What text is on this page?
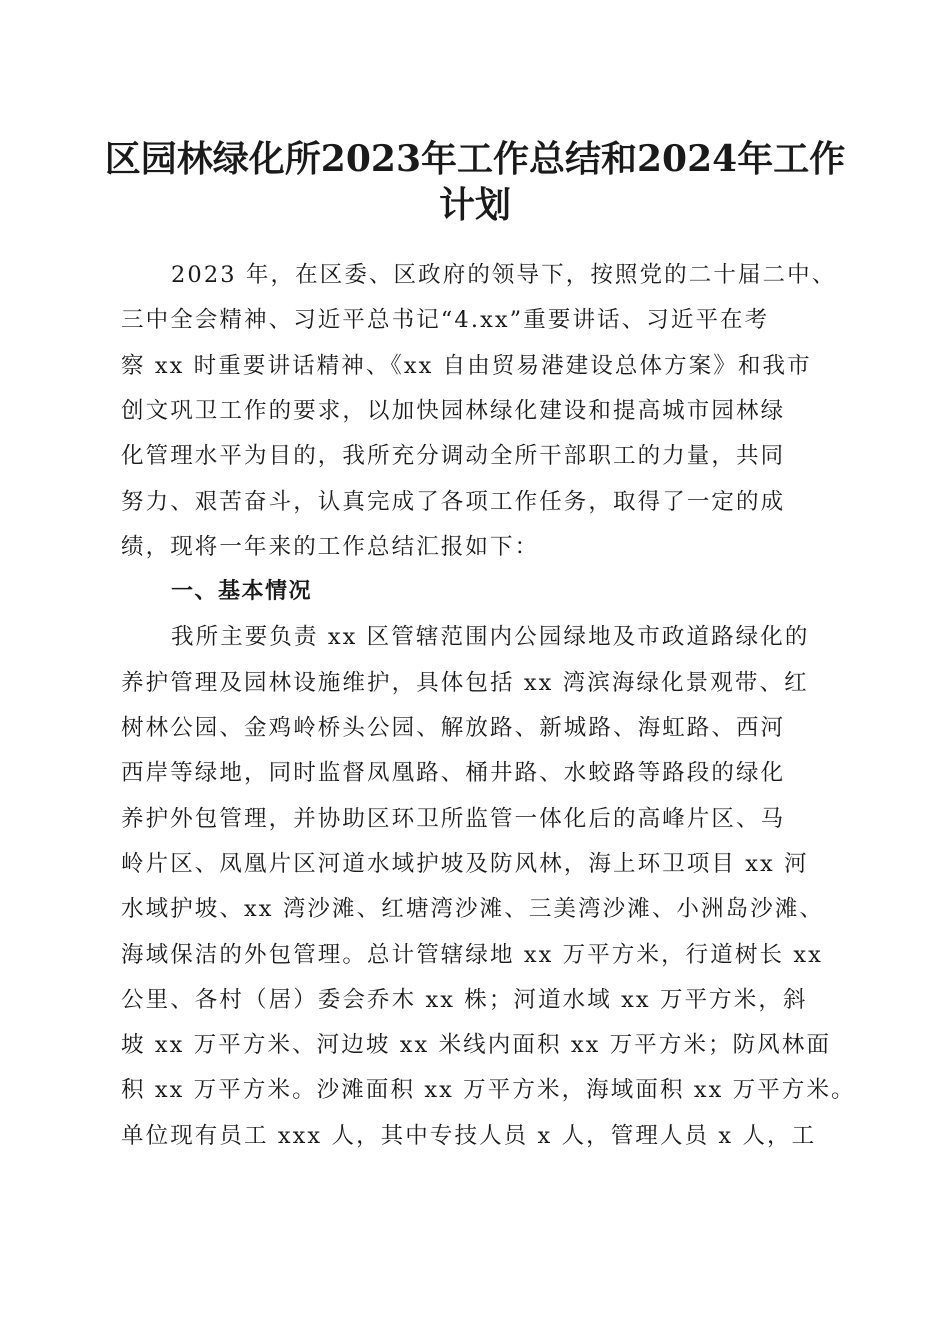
区园林绿化所2023年工作总结和2024年工作
计划
2023 年，在区委、区政府的领导下，按照党的二十届二中、
三中全会精神、习近平总书记“4.xx”重要讲话、习近平在考
察 xx 时重要讲话精神、《xx 自由贸易港建设总体方案》和我市
创文巩卫工作的要求，以加快园林绿化建设和提高城市园林绿
化管理水平为目的，我所充分调动全所干部职工的力量，共同
努力、艰苦奋斗，认真完成了各项工作任务，取得了一定的成
绩，现将一年来的工作总结汇报如下：
一、基本情况
我所主要负责 xx 区管辖范围内公园绿地及市政道路绿化的
养护管理及园林设施维护，具体包括 xx 湾滨海绿化景观带、红
树林公园、金鸡岭桥头公园、解放路、新城路、海虹路、西河
西岸等绿地，同时监督凤凰路、桶井路、水蛟路等路段的绿化
养护外包管理，并协助区环卫所监管一体化后的高峰片区、马
岭片区、凤凰片区河道水域护坡及防风林，海上环卫项目 xx 河
水域护坡、xx 湾沙滩、红塘湾沙滩、三美湾沙滩、小洲岛沙滩、
海域保洁的外包管理。总计管辖绿地 xx 万平方米，行道树长 xx
公里、各村（居）委会乔木 xx 株；河道水域 xx 万平方米，斜
坡 xx 万平方米、河边坡 xx 米线内面积 xx 万平方米；防风林面
积 xx 万平方米。沙滩面积 xx 万平方米，海域面积 xx 万平方米。
单位现有员工 xxx 人，其中专技人员 x 人，管理人员 x 人，工
